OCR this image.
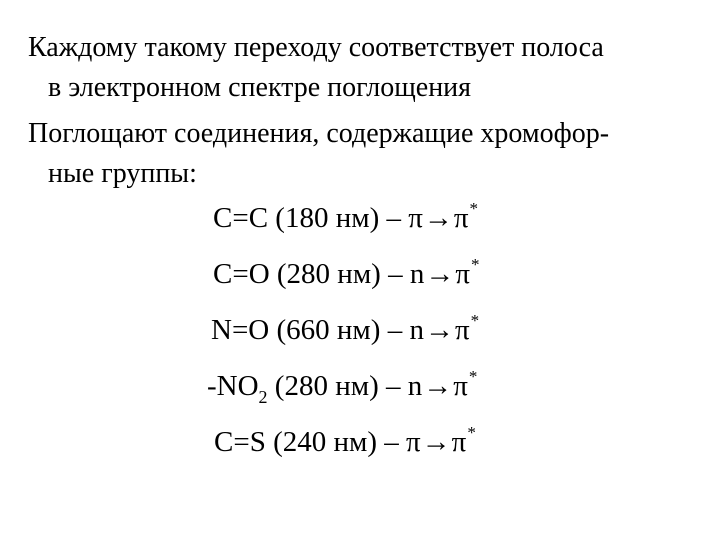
Каждому такому переходу соответствует полоса
в электронном спектре поглощения

Поглощают соединения, содержащие хромофор-
ные группы:

C=C (180 нм) – π→π*
C=O (280 нм) – n→π*
N=O (660 нм) – n→π*
$-NO_2$ (280 нм) – n→π*
C=S (240 нм) – π→π*
